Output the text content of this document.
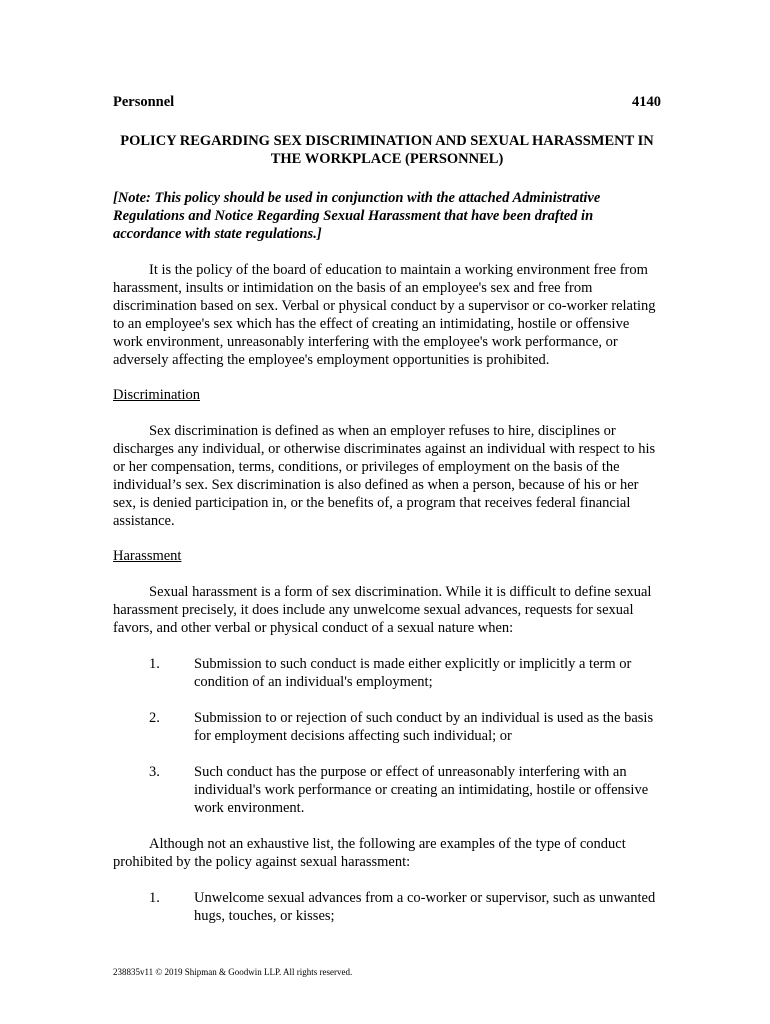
Personnel	4140
POLICY REGARDING SEX DISCRIMINATION AND SEXUAL HARASSMENT IN THE WORKPLACE (PERSONNEL)
[Note: This policy should be used in conjunction with the attached Administrative Regulations and Notice Regarding Sexual Harassment that have been drafted in accordance with state regulations.]

It is the policy of the board of education to maintain a working environment free from harassment, insults or intimidation on the basis of an employee's sex and free from discrimination based on sex. Verbal or physical conduct by a supervisor or co-worker relating to an employee's sex which has the effect of creating an intimidating, hostile or offensive work environment, unreasonably interfering with the employee's work performance, or adversely affecting the employee's employment opportunities is prohibited.

Discrimination

Sex discrimination is defined as when an employer refuses to hire, disciplines or discharges any individual, or otherwise discriminates against an individual with respect to his or her compensation, terms, conditions, or privileges of employment on the basis of the individual’s sex. Sex discrimination is also defined as when a person, because of his or her sex, is denied participation in, or the benefits of, a program that receives federal financial assistance.

Harassment

Sexual harassment is a form of sex discrimination. While it is difficult to define sexual harassment precisely, it does include any unwelcome sexual advances, requests for sexual favors, and other verbal or physical conduct of a sexual nature when:

1.	Submission to such conduct is made either explicitly or implicitly a term or condition of an individual's employment;
2.	Submission to or rejection of such conduct by an individual is used as the basis for employment decisions affecting such individual; or
3.	Such conduct has the purpose or effect of unreasonably interfering with an individual's work performance or creating an intimidating, hostile or offensive work environment.

Although not an exhaustive list, the following are examples of the type of conduct prohibited by the policy against sexual harassment:

1.	Unwelcome sexual advances from a co-worker or supervisor, such as unwanted hugs, touches, or kisses;
238835v11 © 2019 Shipman & Goodwin LLP. All rights reserved.
